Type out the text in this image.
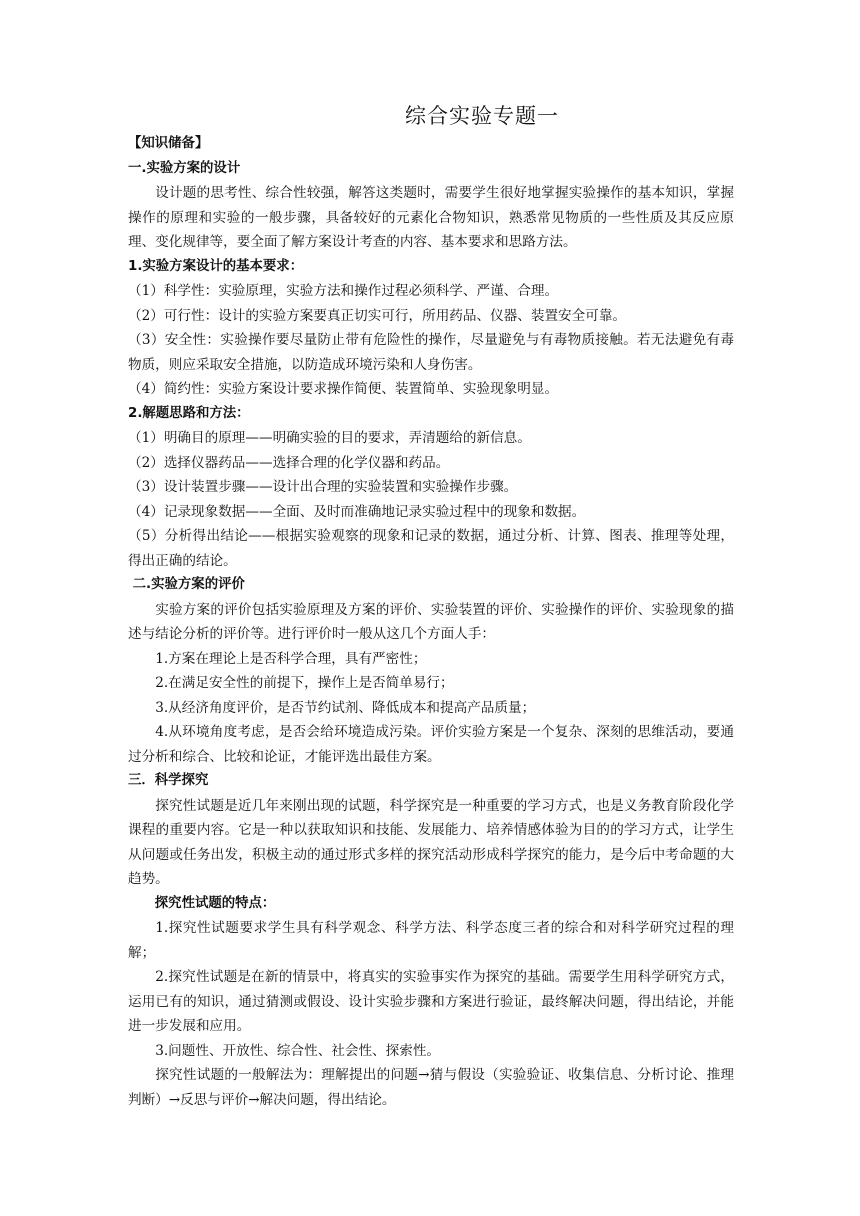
综合实验专题一
【知识储备】
一.实验方案的设计
设计题的思考性、综合性较强，解答这类题时，需要学生很好地掌握实验操作的基本知识，掌握操作的原理和实验的一般步骤，具备较好的元素化合物知识，熟悉常见物质的一些性质及其反应原理、变化规律等，要全面了解方案设计考查的内容、基本要求和思路方法。
1.实验方案设计的基本要求：
（1）科学性：实验原理，实验方法和操作过程必须科学、严谨、合理。
（2）可行性：设计的实验方案要真正切实可行，所用药品、仪器、装置安全可靠。
（3）安全性：实验操作要尽量防止带有危险性的操作，尽量避免与有毒物质接触。若无法避免有毒物质，则应采取安全措施，以防造成环境污染和人身伤害。
（4）简约性：实验方案设计要求操作简便、装置简单、实验现象明显。
2.解题思路和方法：
（1）明确目的原理——明确实验的目的要求，弄清题给的新信息。
（2）选择仪器药品——选择合理的化学仪器和药品。
（3）设计装置步骤——设计出合理的实验装置和实验操作步骤。
（4）记录现象数据——全面、及时而准确地记录实验过程中的现象和数据。
（5）分析得出结论——根据实验观察的现象和记录的数据，通过分析、计算、图表、推理等处理，得出正确的结论。
二.实验方案的评价
实验方案的评价包括实验原理及方案的评价、实验装置的评价、实验操作的评价、实验现象的描述与结论分析的评价等。进行评价时一般从这几个方面人手：
1.方案在理论上是否科学合理，具有严密性；
2.在满足安全性的前提下，操作上是否简单易行；
3.从经济角度评价，是否节约试剂、降低成本和提高产品质量；
4.从环境角度考虑，是否会给环境造成污染。评价实验方案是一个复杂、深刻的思维活动，要通过分析和综合、比较和论证，才能评选出最佳方案。
三．科学探究
探究性试题是近几年来刚出现的试题，科学探究是一种重要的学习方式，也是义务教育阶段化学课程的重要内容。它是一种以获取知识和技能、发展能力、培养情感体验为目的的学习方式，让学生从问题或任务出发，积极主动的通过形式多样的探究活动形成科学探究的能力，是今后中考命题的大趋势。
探究性试题的特点：
1.探究性试题要求学生具有科学观念、科学方法、科学态度三者的综合和对科学研究过程的理解；
2.探究性试题是在新的情景中，将真实的实验事实作为探究的基础。需要学生用科学研究方式，运用已有的知识，通过猜测或假设、设计实验步骤和方案进行验证，最终解决问题，得出结论，并能进一步发展和应用。
3.问题性、开放性、综合性、社会性、探索性。
探究性试题的一般解法为：理解提出的问题→猜与假设（实验验证、收集信息、分析讨论、推理判断）→反思与评价→解决问题，得出结论。
